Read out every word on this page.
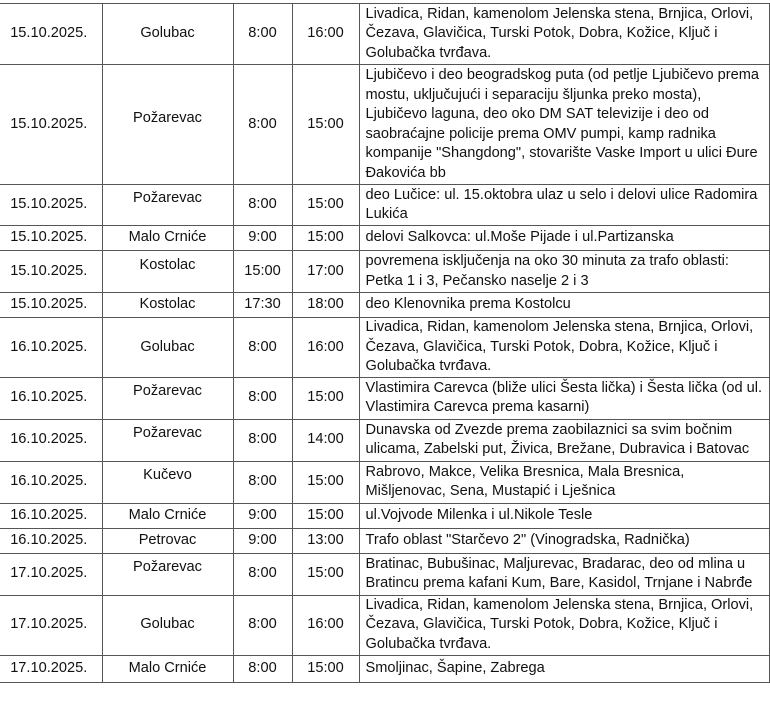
15.10.2025.	Golubac	8:00	16:00	Livadica, Ridan, kamenolom Jelenska stena, Brnjica, Orlovi, Čezava, Glavičica, Turski Potok, Dobra, Kožice, Ključ i Golubačka tvrđava.
15.10.2025.	Požarevac	8:00	15:00	Ljubičevo i deo beogradskog puta (od petlje Ljubičevo prema mostu, uključujući i separaciju šljunka preko mosta), Ljubičevo laguna, deo oko DM SAT televizije i deo od saobraćajne policije prema OMV pumpi, kamp radnika kompanije "Shangdong", stovarište Vaske Import u ulici Đure Đakovića bb
15.10.2025.	Požarevac	8:00	15:00	deo Lučice: ul. 15.oktobra ulaz u selo i delovi ulice Radomira Lukića
15.10.2025.	Malo Crniće	9:00	15:00	delovi Salkovca: ul.Moše Pijade i ul.Partizanska
15.10.2025.	Kostolac	15:00	17:00	povremena isključenja na oko 30 minuta za trafo oblasti: Petka 1 i 3, Pečansko naselje 2 i 3
15.10.2025.	Kostolac	17:30	18:00	deo Klenovnika prema Kostolcu
16.10.2025.	Golubac	8:00	16:00	Livadica, Ridan, kamenolom Jelenska stena, Brnjica, Orlovi, Čezava, Glavičica, Turski Potok, Dobra, Kožice, Ključ i Golubačka tvrđava.
16.10.2025.	Požarevac	8:00	15:00	Vlastimira Carevca (bliže ulici Šesta lička) i Šesta lička (od ul. Vlastimira Carevca prema kasarni)
16.10.2025.	Požarevac	8:00	14:00	Dunavska od Zvezde prema zaobilaznici sa svim bočnim ulicama, Zabelski put, Živica, Brežane, Dubravica i Batovac
16.10.2025.	Kučevo	8:00	15:00	Rabrovo, Makce, Velika Bresnica, Mala Bresnica, Mišljenovac, Sena, Mustapić i Lješnica
16.10.2025.	Malo Crniće	9:00	15:00	ul.Vojvode Milenka i ul.Nikole Tesle
16.10.2025.	Petrovac	9:00	13:00	Trafo oblast "Starčevo 2" (Vinogradska, Radnička)
17.10.2025.	Požarevac	8:00	15:00	Bratinac, Bubušinac, Maljurevac, Bradarac, deo od mlina u Bratincu prema kafani Kum, Bare, Kasidol, Trnjane i Nabrđe
17.10.2025.	Golubac	8:00	16:00	Livadica, Ridan, kamenolom Jelenska stena, Brnjica, Orlovi, Čezava, Glavičica, Turski Potok, Dobra, Kožice, Ključ i Golubačka tvrđava.
17.10.2025.	Malo Crniće	8:00	15:00	Smoljinac, Šapine, Zabrega
